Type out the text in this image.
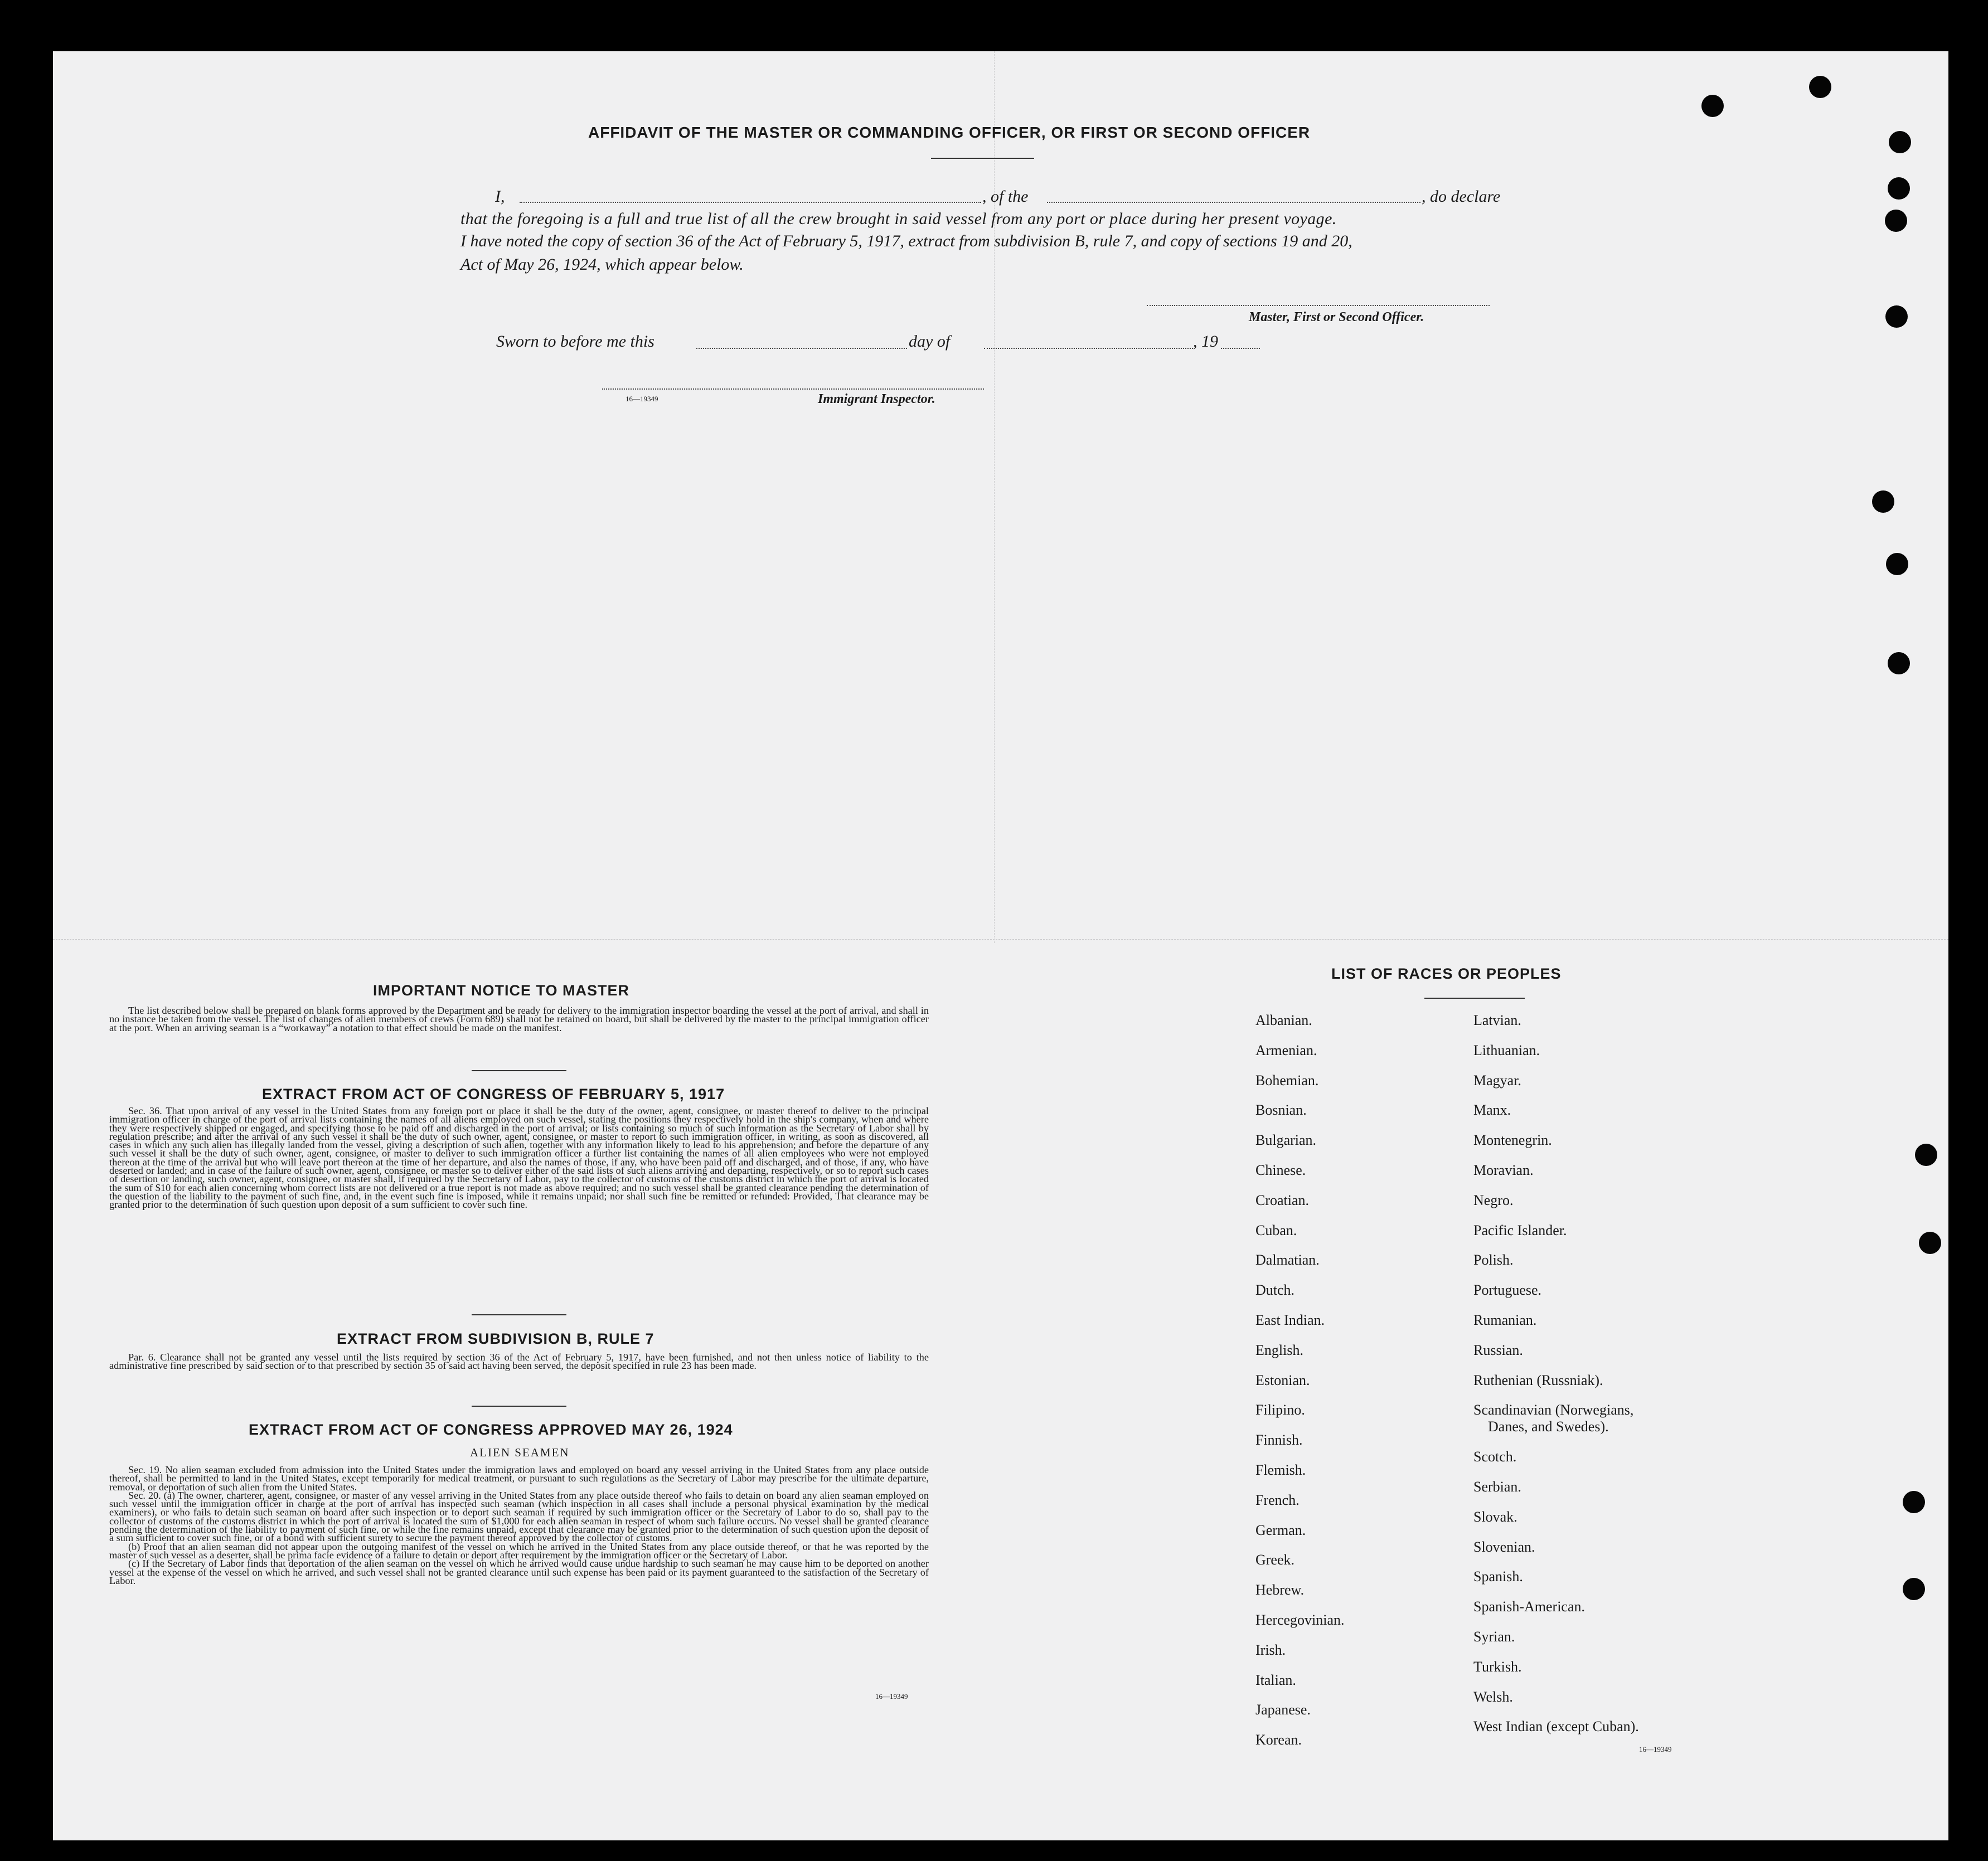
AFFIDAVIT OF THE MASTER OR COMMANDING OFFICER, OR FIRST OR SECOND OFFICER
I,	, of the	, do declare
that the foregoing is a full and true list of all the crew brought in said vessel from any port or place during her present voyage.
I have noted the copy of section 36 of the Act of February 5, 1917, extract from subdivision B, rule 7, and copy of sections 19 and 20,
Act of May 26, 1924, which appear below.
Master, First or Second Officer.
Sworn to before me this	day of	, 19
16—19349	Immigrant Inspector.
IMPORTANT NOTICE TO MASTER

The list described below shall be prepared on blank forms approved by the Department and be ready for delivery to the immigration inspector boarding the vessel at the port of arrival, and shall in no instance be taken from the vessel. The list of changes of alien members of crews (Form 689) shall not be retained on board, but shall be delivered by the master to the principal immigration officer at the port. When an arriving seaman is a “workaway” a notation to that effect should be made on the manifest.

EXTRACT FROM ACT OF CONGRESS OF FEBRUARY 5, 1917

Sec. 36. That upon arrival of any vessel in the United States from any foreign port or place it shall be the duty of the owner, agent, consignee, or master thereof to deliver to the principal immigration officer in charge of the port of arrival lists containing the names of all aliens employed on such vessel, stating the positions they respectively hold in the ship's company, when and where they were respectively shipped or engaged, and specifying those to be paid off and discharged in the port of arrival; or lists containing so much of such information as the Secretary of Labor shall by regulation prescribe; and after the arrival of any such vessel it shall be the duty of such owner, agent, consignee, or master to report to such immigration officer, in writing, as soon as discovered, all cases in which any such alien has illegally landed from the vessel, giving a description of such alien, together with any information likely to lead to his apprehension; and before the departure of any such vessel it shall be the duty of such owner, agent, consignee, or master to deliver to such immigration officer a further list containing the names of all alien employees who were not employed thereon at the time of the arrival but who will leave port thereon at the time of her departure, and also the names of those, if any, who have been paid off and discharged, and of those, if any, who have deserted or landed; and in case of the failure of such owner, agent, consignee, or master so to deliver either of the said lists of such aliens arriving and departing, respectively, or so to report such cases of desertion or landing, such owner, agent, consignee, or master shall, if required by the Secretary of Labor, pay to the collector of customs of the customs district in which the port of arrival is located the sum of $10 for each alien concerning whom correct lists are not delivered or a true report is not made as above required; and no such vessel shall be granted clearance pending the determination of the question of the liability to the payment of such fine, and, in the event such fine is imposed, while it remains unpaid; nor shall such fine be remitted or refunded: Provided, That clearance may be granted prior to the determination of such question upon deposit of a sum sufficient to cover such fine.

EXTRACT FROM SUBDIVISION B, RULE 7

Par. 6. Clearance shall not be granted any vessel until the lists required by section 36 of the Act of February 5, 1917, have been furnished, and not then unless notice of liability to the administrative fine prescribed by said section or to that prescribed by section 35 of said act having been served, the deposit specified in rule 23 has been made.

EXTRACT FROM ACT OF CONGRESS APPROVED MAY 26, 1924
ALIEN SEAMEN

Sec. 19. No alien seaman excluded from admission into the United States under the immigration laws and employed on board any vessel arriving in the United States from any place outside thereof, shall be permitted to land in the United States, except temporarily for medical treatment, or pursuant to such regulations as the Secretary of Labor may prescribe for the ultimate departure, removal, or deportation of such alien from the United States.

Sec. 20. (a) The owner, charterer, agent, consignee, or master of any vessel arriving in the United States from any place outside thereof who fails to detain on board any alien seaman employed on such vessel until the immigration officer in charge at the port of arrival has inspected such seaman (which inspection in all cases shall include a personal physical examination by the medical examiners), or who fails to detain such seaman on board after such inspection or to deport such seaman if required by such immigration officer or the Secretary of Labor to do so, shall pay to the collector of customs of the customs district in which the port of arrival is located the sum of $1,000 for each alien seaman in respect of whom such failure occurs. No vessel shall be granted clearance pending the determination of the liability to payment of such fine, or while the fine remains unpaid, except that clearance may be granted prior to the determination of such question upon the deposit of a sum sufficient to cover such fine, or of a bond with sufficient surety to secure the payment thereof approved by the collector of customs.

(b) Proof that an alien seaman did not appear upon the outgoing manifest of the vessel on which he arrived in the United States from any place outside thereof, or that he was reported by the master of such vessel as a deserter, shall be prima facie evidence of a failure to detain or deport after requirement by the immigration officer or the Secretary of Labor.

(c) If the Secretary of Labor finds that deportation of the alien seaman on the vessel on which he arrived would cause undue hardship to such seaman he may cause him to be deported on another vessel at the expense of the vessel on which he arrived, and such vessel shall not be granted clearance until such expense has been paid or its payment guaranteed to the satisfaction of the Secretary of Labor.

16—19349
LIST OF RACES OR PEOPLES
Albanian.
Armenian.
Bohemian.
Bosnian.
Bulgarian.
Chinese.
Croatian.
Cuban.
Dalmatian.
Dutch.
East Indian.
English.
Estonian.
Filipino.
Finnish.
Flemish.
French.
German.
Greek.
Hebrew.
Hercegovinian.
Irish.
Italian.
Japanese.
Korean.
Latvian.
Lithuanian.
Magyar.
Manx.
Montenegrin.
Moravian.
Negro.
Pacific Islander.
Polish.
Portuguese.
Rumanian.
Russian.
Ruthenian (Russniak).
Scandinavian (Norwegians,
Danes, and Swedes).
Scotch.
Serbian.
Slovak.
Slovenian.
Spanish.
Spanish-American.
Syrian.
Turkish.
Welsh.
West Indian (except Cuban).
16—19349
